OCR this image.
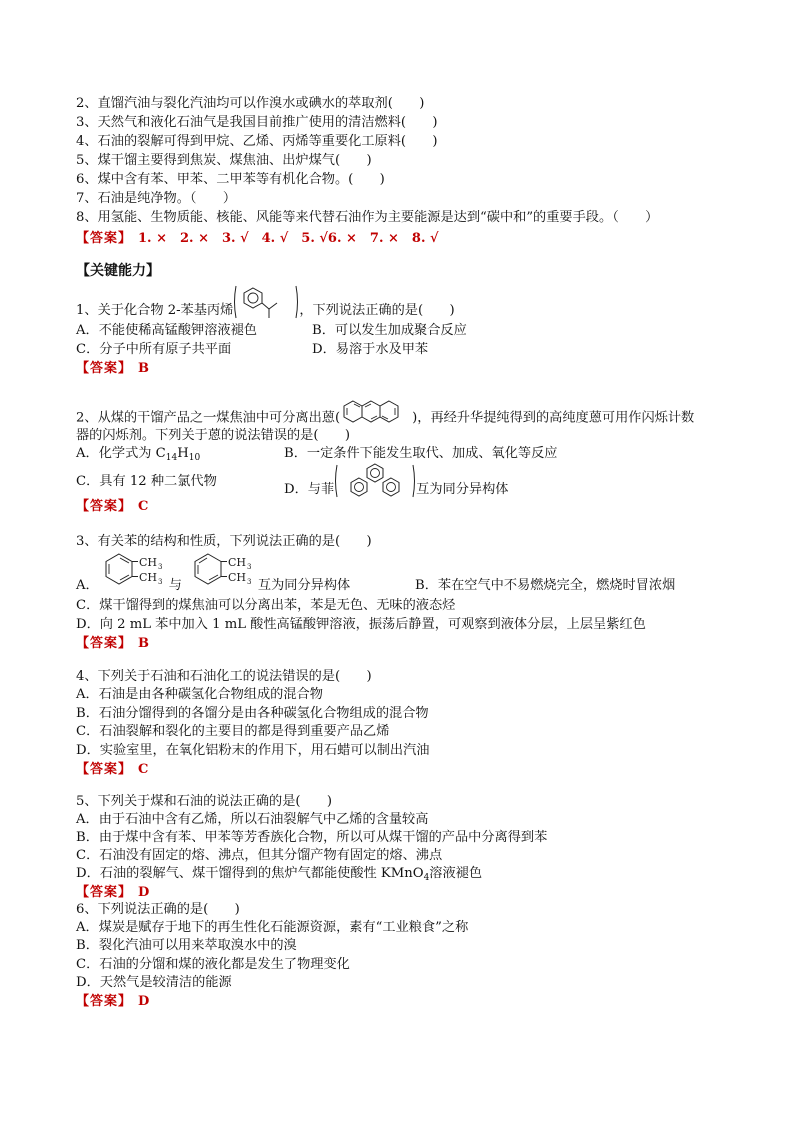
2、直馏汽油与裂化汽油均可以作溴水或碘水的萃取剂(　　)
3、天然气和液化石油气是我国目前推广使用的清洁燃料(　　)
4、石油的裂解可得到甲烷、乙烯、丙烯等重要化工原料(　　)
5、煤干馏主要得到焦炭、煤焦油、出炉煤气(　　)
6、煤中含有苯、甲苯、二甲苯等有机化合物。(　　)
7、石油是纯净物。（　　）
8、用氢能、生物质能、核能、风能等来代替石油作为主要能源是达到“碳中和”的重要手段。（　　）
【答案】 1. ×　2. ×　3. √　4. √　5. √6. ×　7. ×　8. √
【关键能力】
1、关于化合物 2-苯基丙烯	，下列说法正确的是(　　)
A．不能使稀高锰酸钾溶液褪色	B．可以发生加成聚合反应
C．分子中所有原子共平面	D．易溶于水及甲苯
【答案】 B
2、从煤的干馏产品之一煤焦油中可分离出蒽(	)，再经升华提纯得到的高纯度蒽可用作闪烁计数
器的闪烁剂。下列关于蒽的说法错误的是(　　)
A．化学式为 $C_{14}H_{10}$	B．一定条件下能发生取代、加成、氧化等反应
C．具有 12 种二氯代物
D．与菲	互为同分异构体
【答案】 C
3、有关苯的结构和性质，下列说法正确的是(　　)
A．
CH 3
CH 3 与
CH 3
CH 3 互为同分异构体	B．苯在空气中不易燃烧完全，燃烧时冒浓烟
C．煤干馏得到的煤焦油可以分离出苯，苯是无色、无味的液态烃
D．向 2 mL 苯中加入 1 mL 酸性高锰酸钾溶液，振荡后静置，可观察到液体分层，上层呈紫红色
【答案】 B
4、下列关于石油和石油化工的说法错误的是(　　)
A．石油是由各种碳氢化合物组成的混合物
B．石油分馏得到的各馏分是由各种碳氢化合物组成的混合物
C．石油裂解和裂化的主要目的都是得到重要产品乙烯
D．实验室里，在氧化铝粉末的作用下，用石蜡可以制出汽油
【答案】 C
5、下列关于煤和石油的说法正确的是(　　)
A．由于石油中含有乙烯，所以石油裂解气中乙烯的含量较高
B．由于煤中含有苯、甲苯等芳香族化合物，所以可从煤干馏的产品中分离得到苯
C．石油没有固定的熔、沸点，但其分馏产物有固定的熔、沸点
D．石油的裂解气、煤干馏得到的焦炉气都能使酸性 KMnO$_4$溶液褪色
【答案】 D
6、下列说法正确的是(　　)
A．煤炭是赋存于地下的再生性化石能源资源，素有“工业粮食”之称
B．裂化汽油可以用来萃取溴水中的溴
C．石油的分馏和煤的液化都是发生了物理变化
D．天然气是较清洁的能源
【答案】 D
